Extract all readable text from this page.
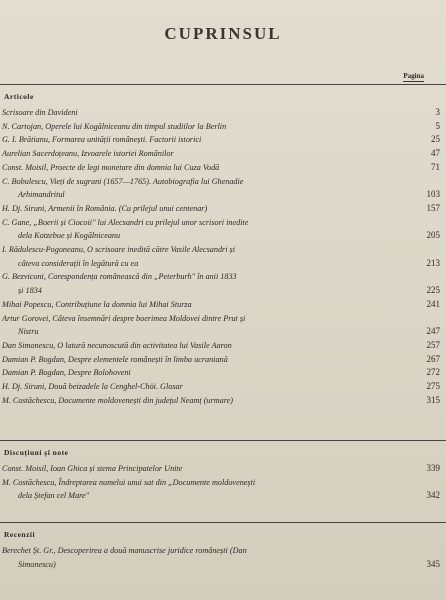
CUPRINSUL
Pagina
Articole
Scrisoare din Davideni	3
N. Cartojan, Operele lui Kogălniceanu din timpul studiilor la Berlin	5
G. I. Brătianu, Formarea unității românești. Factorii istorici	25
Aurelian Sacerdoțeanu, Izvoarele istoriei Românilor	47
Const. Moisil, Proecte de legi monetare din domnia lui Cuza Vodă	71
C. Bobulescu, Vieți de sugrani (1657—1765). Autobiografia lui Ghenadie
Arhimandritul	103
H. Dj. Siruni, Armenii în România. (Cu prilejul unui centenar)	157
C. Gane, „Boerii și Ciocoii" lui Alecsandri cu prilejul unor scrisori inedite
dela Kotzebue și Kogălniceanu	205
I. Rădulescu-Pogoneanu, O scrisoare inedită către Vasile Alecsandri și
câteva considerații în legătură cu ea	213
G. Bezviconi, Corespondența românească din „Peterburh" în anii 1833
și 1834	225
Mihai Popescu, Contribuțiune la domnia lui Mihai Sturza	241
Artur Gorovei, Câteva însemnări despre boerimea Moldovei dintre Prut și
Nistru	247
Dan Simonescu, O latură necunoscută din activitatea lui Vasile Aaron	257
Damian P. Bogdan, Despre elementele românești în limba ucraniană	267
Damian P. Bogdan, Despre Bolohoveni	272
H. Dj. Siruni, Două beizadele la Cenghel-Chöi. Glosar	275
M. Costăchescu, Documente moldovenești din județul Neamț (urmare)	315
Discuțiuni și note
Const. Moisil, Ioan Ghica și stema Principatelor Unite	339
M. Costăchescu, Îndreptarea numelui unui sat din „Documente moldovenești
dela Ștefan cel Mare"	342
Recenzii
Berechet Șt. Gr., Descoperirea a două manuscrise juridice românești (Dan
Simonescu)	345
